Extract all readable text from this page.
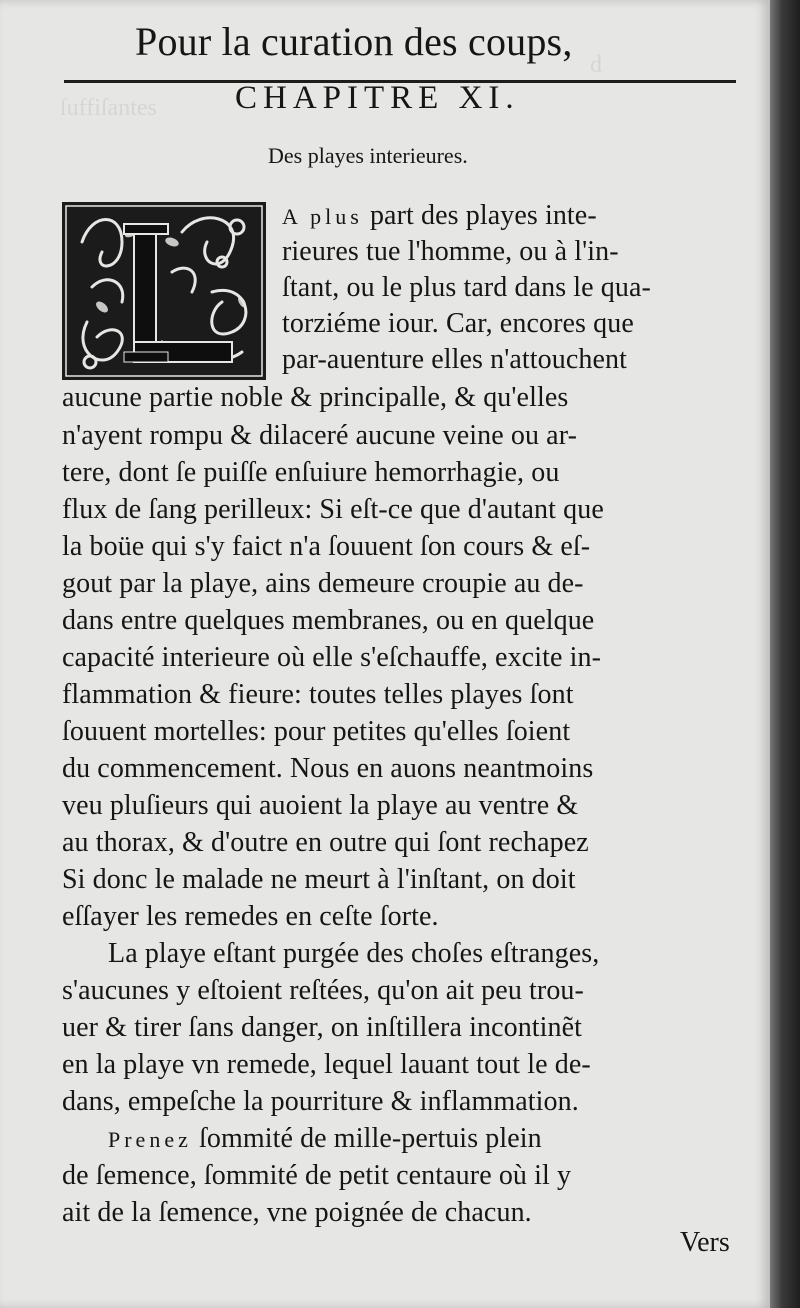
d
ſuffiſantes
Pour la curation des coups,
CHAPITRE XI.
Des playes interieures.
A plus part des playes inte-
rieures tue l'homme, ou à l'in-
ſtant, ou le plus tard dans le qua-
torziéme iour. Car, encores que
par-auenture elles n'attouchent
aucune partie noble & principalle, & qu'elles
n'ayent rompu & dilaceré aucune veine ou ar-
tere, dont ſe puiſſe enſuiure hemorrhagie, ou
flux de ſang perilleux: Si eſt-ce que d'autant que
la boüe qui s'y faict n'a ſouuent ſon cours & eſ-
gout par la playe, ains demeure croupie au de-
dans entre quelques membranes, ou en quelque
capacité interieure où elle s'eſchauffe, excite in-
flammation & fieure: toutes telles playes ſont
ſouuent mortelles: pour petites qu'elles ſoient
du commencement. Nous en auons neantmoins
veu pluſieurs qui auoient la playe au ventre &
au thorax, & d'outre en outre qui ſont rechapez
Si donc le malade ne meurt à l'inſtant, on doit
eſſayer les remedes en ceſte ſorte.
La playe eſtant purgée des choſes eſtranges,
s'aucunes y eſtoient reſtées, qu'on ait peu trou-
uer & tirer ſans danger, on inſtillera incontinẽt
en la playe vn remede, lequel lauant tout le de-
dans, empeſche la pourriture & inflammation.
Prenez ſommité de mille-pertuis plein
de ſemence, ſommité de petit centaure où il y
ait de la ſemence, vne poignée de chacun.
Vers
